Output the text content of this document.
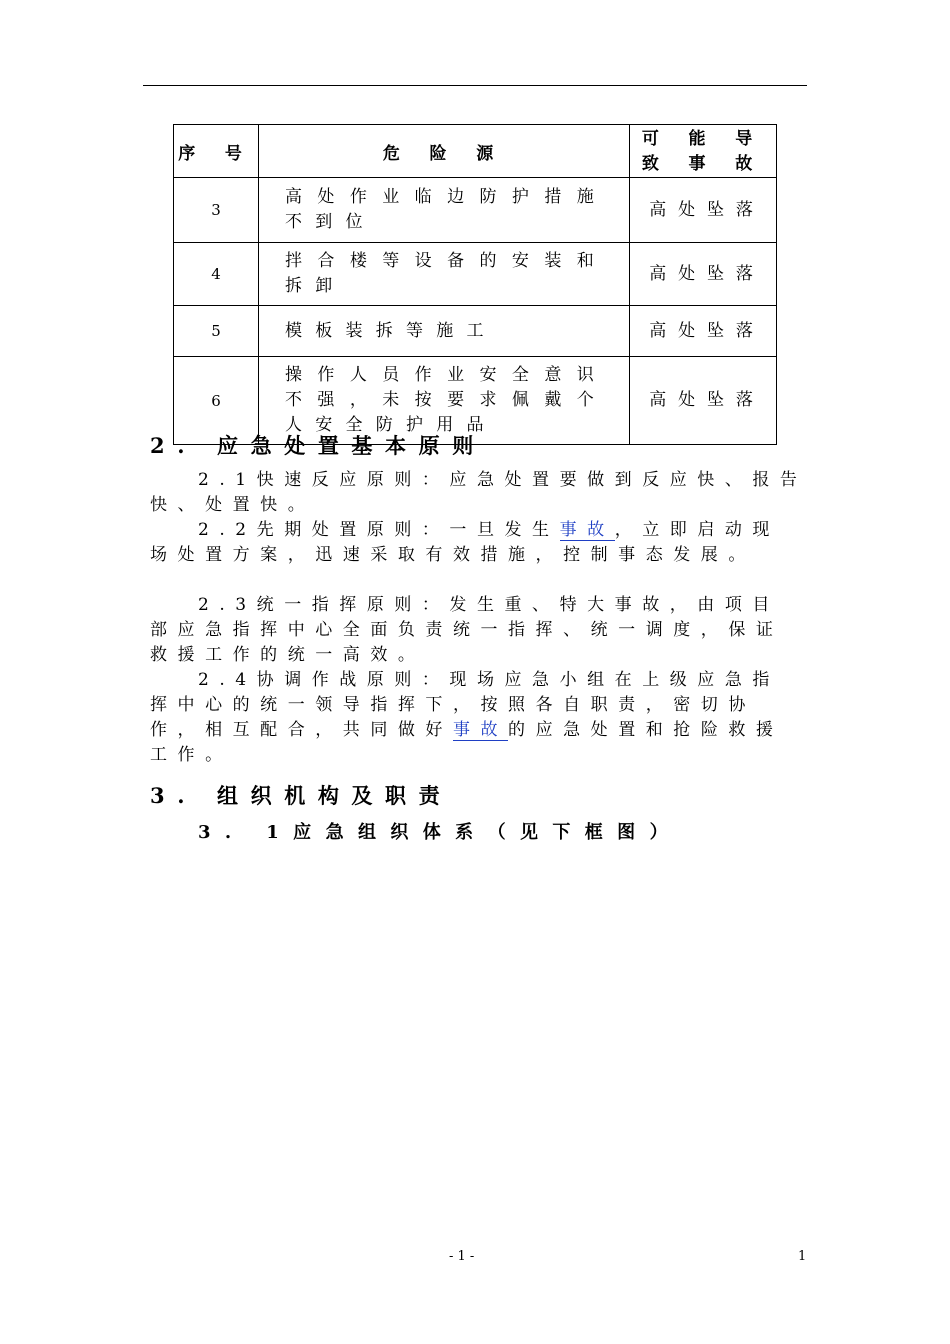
序 号	危 险 源	可 能 导 致 事 故
3	高处作业临边防护措施不到位	高处坠落
4	拌合楼等设备的安装和拆卸	高处坠落
5	模板装拆等施工	高处坠落
6	操作人员作业安全意识不强，未按要求佩戴个人安全防护用品	高处坠落
2. 应急处置基本原则
2.1快速反应原则：应急处置要做到反应快、报告快、处置快。
2.2先期处置原则：一旦发生事故，立即启动现场处置方案，迅速采取有效措施，控制事态发展。
2.3统一指挥原则：发生重、特大事故，由项目部应急指挥中心全面负责统一指挥、统一调度，保证救援工作的统一高效。
2.4协调作战原则：现场应急小组在上级应急指挥中心的统一领导指挥下，按照各自职责，密切协作，相互配合，共同做好事故的应急处置和抢险救援工作。
3. 组织机构及职责
3. 1应急组织体系（见下框图）
- 1 -	1
